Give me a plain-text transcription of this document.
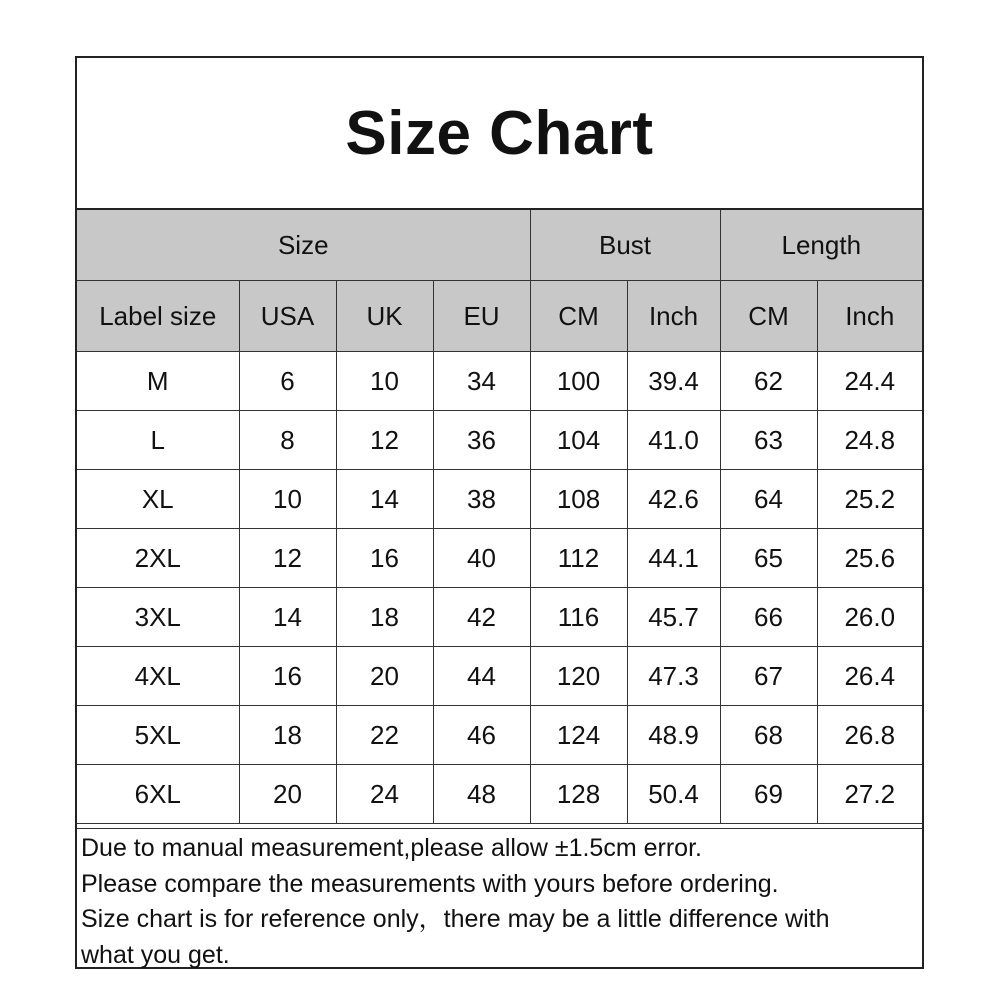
Size Chart
Size				Bust		Length	
Label size	USA	UK	EU	CM	Inch	CM	Inch
M	6	10	34	100	39.4	62	24.4
L	8	12	36	104	41.0	63	24.8
XL	10	14	38	108	42.6	64	25.2
2XL	12	16	40	112	44.1	65	25.6
3XL	14	18	42	116	45.7	66	26.0
4XL	16	20	44	120	47.3	67	26.4
5XL	18	22	46	124	48.9	68	26.8
6XL	20	24	48	128	50.4	69	27.2
Due to manual measurement,please allow ±1.5cm error.
Please compare the measurements with yours before ordering.
Size chart is for reference only，there may be a little difference with
what you get.
